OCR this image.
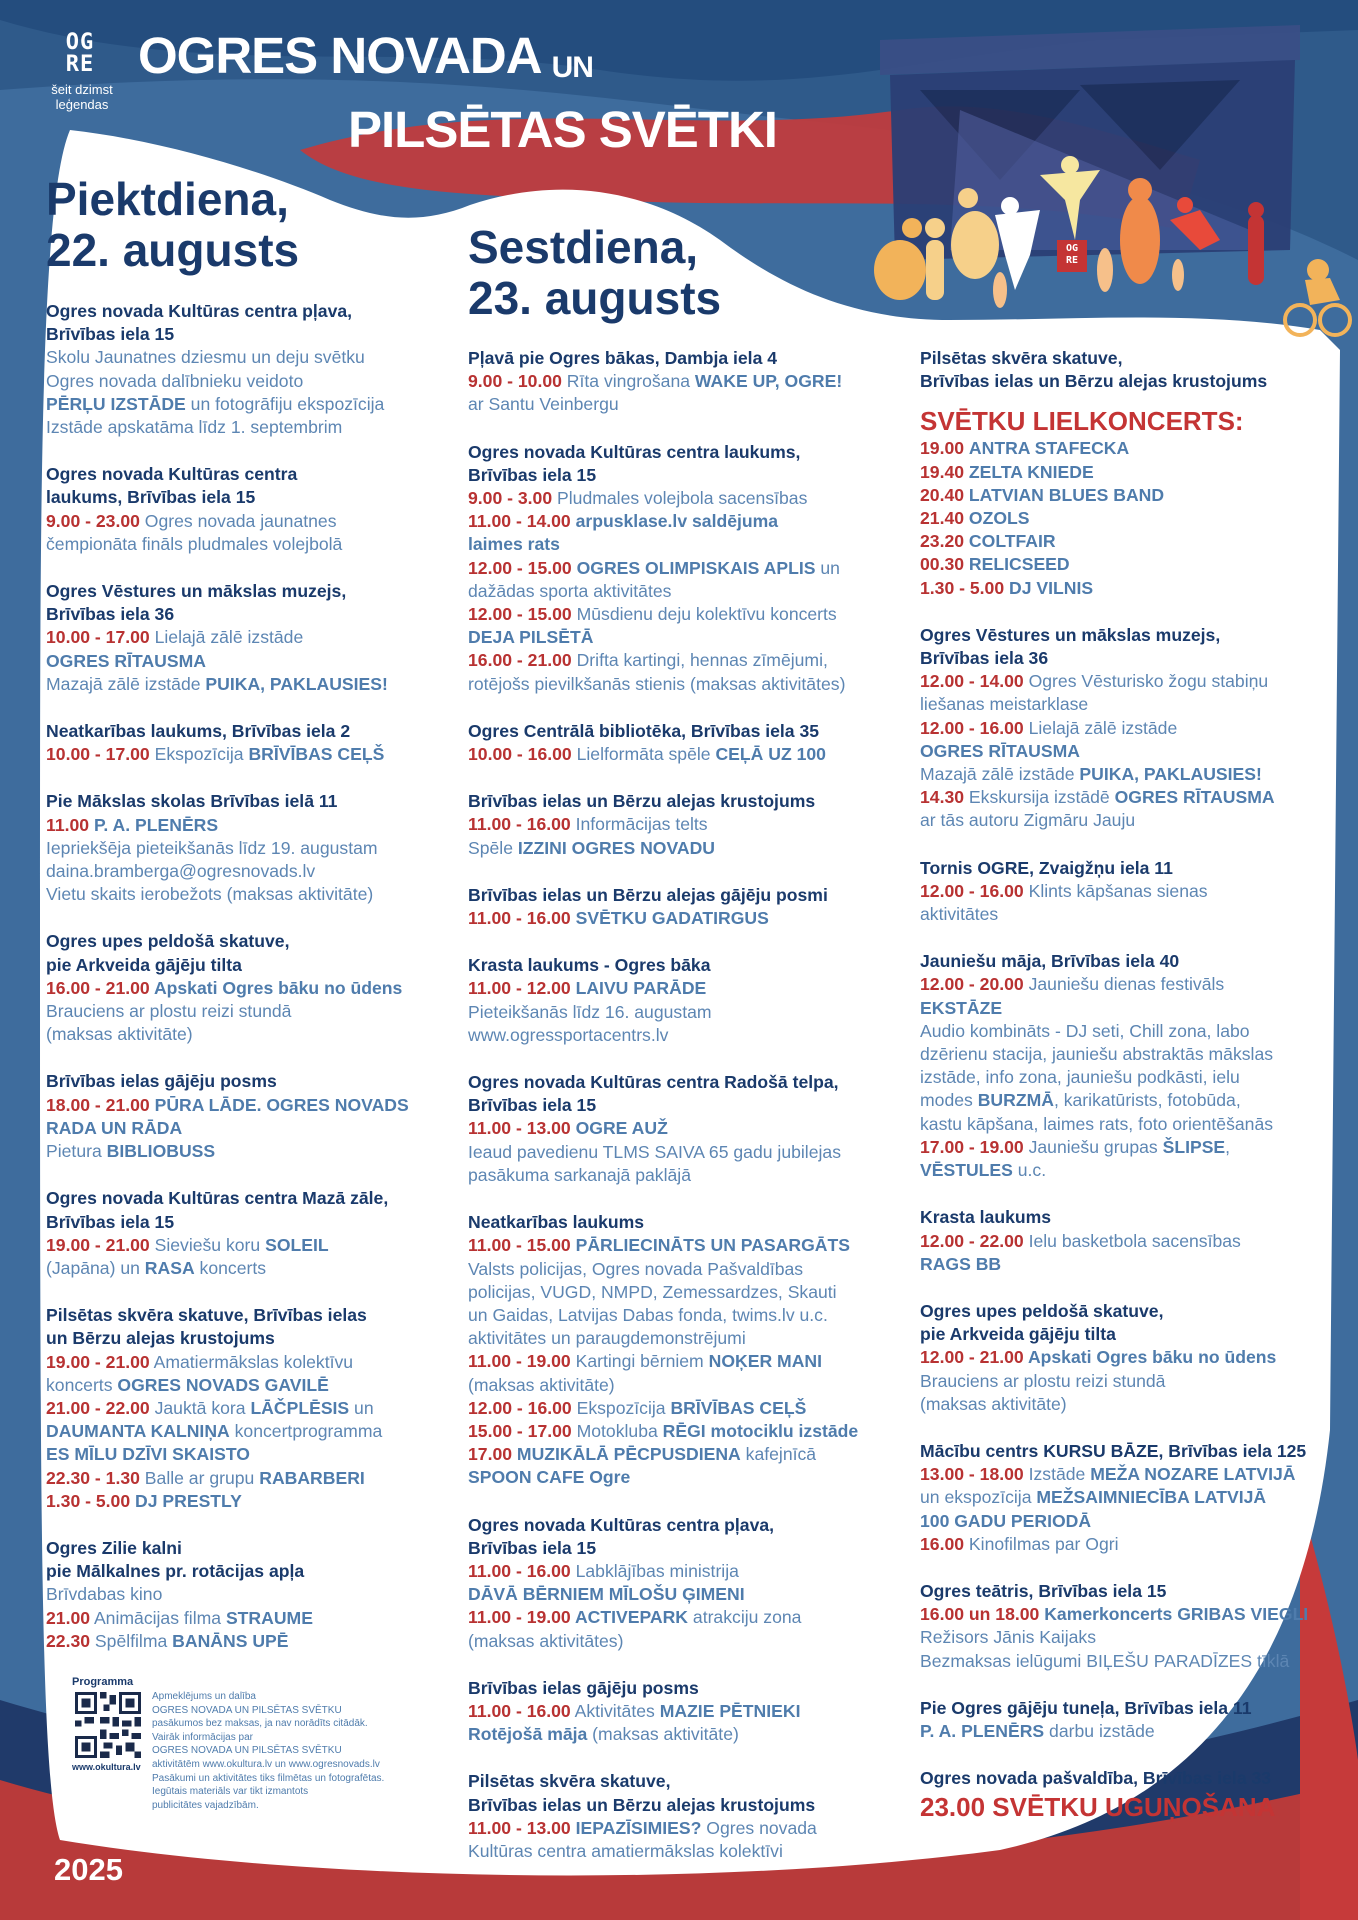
OG RE
šeit dzimst leģendas
OG RE
OGRES NOVADA UN
PILSĒTAS SVĒTKI
Piektdiena,
22. augusts	Sestdiena,
23. augusts
Ogres novada Kultūras centra pļava,
Brīvības iela 15
Skolu Jaunatnes dziesmu un deju svētku
Ogres novada dalībnieku veidoto
PĒRĻU IZSTĀDE un fotogrāfiju ekspozīcija
Izstāde apskatāma līdz 1. septembrim
Ogres novada Kultūras centra
laukums, Brīvības iela 15
9.00 - 23.00 Ogres novada jaunatnes
čempionāta fināls pludmales volejbolā
Ogres Vēstures un mākslas muzejs,
Brīvības iela 36
10.00 - 17.00 Lielajā zālē izstāde
OGRES RĪTAUSMA
Mazajā zālē izstāde PUIKA, PAKLAUSIES!
Neatkarības laukums, Brīvības iela 2
10.00 - 17.00 Ekspozīcija BRĪVĪBAS CEĻŠ
Pie Mākslas skolas Brīvības ielā 11
11.00 P. A. PLENĒRS
Iepriekšēja pieteikšanās līdz 19. augustam
daina.bramberga@ogresnovads.lv
Vietu skaits ierobežots (maksas aktivitāte)
Ogres upes peldošā skatuve,
pie Arkveida gājēju tilta
16.00 - 21.00 Apskati Ogres bāku no ūdens
Brauciens ar plostu reizi stundā
(maksas aktivitāte)
Brīvības ielas gājēju posms
18.00 - 21.00 PŪRA LĀDE. OGRES NOVADS
RADA UN RĀDA
Pietura BIBLIOBUSS
Ogres novada Kultūras centra Mazā zāle,
Brīvības iela 15
19.00 - 21.00 Sieviešu koru SOLEIL
(Japāna) un RASA koncerts
Pilsētas skvēra skatuve, Brīvības ielas
un Bērzu alejas krustojums
19.00 - 21.00 Amatiermākslas kolektīvu
koncerts OGRES NOVADS GAVILĒ
21.00 - 22.00 Jauktā kora LĀČPLĒSIS un
DAUMANTA KALNIŅA koncertprogramma
ES MĪLU DZĪVI SKAISTO
22.30 - 1.30 Balle ar grupu RABARBERI
1.30 - 5.00 DJ PRESTLY
Ogres Zilie kalni
pie Mālkalnes pr. rotācijas apļa
Brīvdabas kino
21.00 Animācijas filma STRAUME
22.30 Spēlfilma BANĀNS UPĒ
Pļavā pie Ogres bākas, Dambja iela 4
9.00 - 10.00 Rīta vingrošana WAKE UP, OGRE!
ar Santu Veinbergu
Ogres novada Kultūras centra laukums,
Brīvības iela 15
9.00 - 3.00 Pludmales volejbola sacensības
11.00 - 14.00 arpusklase.lv saldējuma
laimes rats
12.00 - 15.00 OGRES OLIMPISKAIS APLIS un
dažādas sporta aktivitātes
12.00 - 15.00 Mūsdienu deju kolektīvu koncerts
DEJA PILSĒTĀ
16.00 - 21.00 Drifta kartingi, hennas zīmējumi,
rotējošs pievilkšanās stienis (maksas aktivitātes)
Ogres Centrālā bibliotēka, Brīvības iela 35
10.00 - 16.00 Lielformāta spēle CEĻĀ UZ 100
Brīvības ielas un Bērzu alejas krustojums
11.00 - 16.00 Informācijas telts
Spēle IZZINI OGRES NOVADU
Brīvības ielas un Bērzu alejas gājēju posmi
11.00 - 16.00 SVĒTKU GADATIRGUS
Krasta laukums - Ogres bāka
11.00 - 12.00 LAIVU PARĀDE
Pieteikšanās līdz 16. augustam
www.ogressportacentrs.lv
Ogres novada Kultūras centra Radošā telpa,
Brīvības iela 15
11.00 - 13.00 OGRE AUŽ
Ieaud pavedienu TLMS SAIVA 65 gadu jubilejas
pasākuma sarkanajā paklājā
Neatkarības laukums
11.00 - 15.00 PĀRLIECINĀTS UN PASARGĀTS
Valsts policijas, Ogres novada Pašvaldības
policijas, VUGD, NMPD, Zemessardzes, Skauti
un Gaidas, Latvijas Dabas fonda, twims.lv u.c.
aktivitātes un paraugdemonstrējumi
11.00 - 19.00 Kartingi bērniem NOĶER MANI
(maksas aktivitāte)
12.00 - 16.00 Ekspozīcija BRĪVĪBAS CEĻŠ
15.00 - 17.00 Motokluba RĒGI motociklu izstāde
17.00 MUZIKĀLĀ PĒCPUSDIENA kafejnīcā
SPOON CAFE Ogre
Ogres novada Kultūras centra pļava,
Brīvības iela 15
11.00 - 16.00 Labklājības ministrija
DĀVĀ BĒRNIEM MĪLOŠU ĢIMENI
11.00 - 19.00 ACTIVEPARK atrakciju zona
(maksas aktivitātes)
Brīvības ielas gājēju posms
11.00 - 16.00 Aktivitātes MAZIE PĒTNIEKI
Rotējošā māja (maksas aktivitāte)
Pilsētas skvēra skatuve,
Brīvības ielas un Bērzu alejas krustojums
11.00 - 13.00 IEPAZĪSIMIES? Ogres novada
Kultūras centra amatiermākslas kolektīvi
Pilsētas skvēra skatuve,
Brīvības ielas un Bērzu alejas krustojums
SVĒTKU LIELKONCERTS:
19.00 ANTRA STAFECKA
19.40 ZELTA KNIEDE
20.40 LATVIAN BLUES BAND
21.40 OZOLS
23.20 COLTFAIR
00.30 RELICSEED
1.30 - 5.00 DJ VILNIS
Ogres Vēstures un mākslas muzejs,
Brīvības iela 36
12.00 - 14.00 Ogres Vēsturisko žogu stabiņu
liešanas meistarklase
12.00 - 16.00 Lielajā zālē izstāde
OGRES RĪTAUSMA
Mazajā zālē izstāde PUIKA, PAKLAUSIES!
14.30 Ekskursija izstādē OGRES RĪTAUSMA
ar tās autoru Zigmāru Jauju
Tornis OGRE, Zvaigžņu iela 11
12.00 - 16.00 Klints kāpšanas sienas
aktivitātes
Jauniešu māja, Brīvības iela 40
12.00 - 20.00 Jauniešu dienas festivāls
EKSTĀZE
Audio kombināts - DJ seti, Chill zona, labo
dzērienu stacija, jauniešu abstraktās mākslas
izstāde, info zona, jauniešu podkāsti, ielu
modes BURZMĀ, karikatūrists, fotobūda,
kastu kāpšana, laimes rats, foto orientēšanās
17.00 - 19.00 Jauniešu grupas ŠLIPSE,
VĒSTULES u.c.
Krasta laukums
12.00 - 22.00 Ielu basketbola sacensības
RAGS BB
Ogres upes peldošā skatuve,
pie Arkveida gājēju tilta
12.00 - 21.00 Apskati Ogres bāku no ūdens
Brauciens ar plostu reizi stundā
(maksas aktivitāte)
Mācību centrs KURSU BĀZE, Brīvības iela 125
13.00 - 18.00 Izstāde MEŽA NOZARE LATVIJĀ
un ekspozīcija MEŽSAIMNIECĪBA LATVIJĀ
100 GADU PERIODĀ
16.00 Kinofilmas par Ogri
Ogres teātris, Brīvības iela 15
16.00 un 18.00 Kamerkoncerts GRIBAS VIEGLI
Režisors Jānis Kaijaks
Bezmaksas ielūgumi BIĻEŠU PARADĪZES tīklā
Pie Ogres gājēju tuneļa, Brīvības iela 11
P. A. PLENĒRS darbu izstāde
Ogres novada pašvaldība, Brīvības iela 33
23.00 SVĒTKU UGUŅOŠANA
Programma
www.okultura.lv
Apmeklējums un dalība
OGRES NOVADA UN PILSĒTAS SVĒTKU
pasākumos bez maksas, ja nav norādīts citādāk.
Vairāk informācijas par
OGRES NOVADA UN PILSĒTAS SVĒTKU
aktivitātēm www.okultura.lv un www.ogresnovads.lv
Pasākumi un aktivitātes tiks filmētas un fotografētas.
Iegūtais materiāls var tikt izmantots
publicitātes vajadzībām.
2025
